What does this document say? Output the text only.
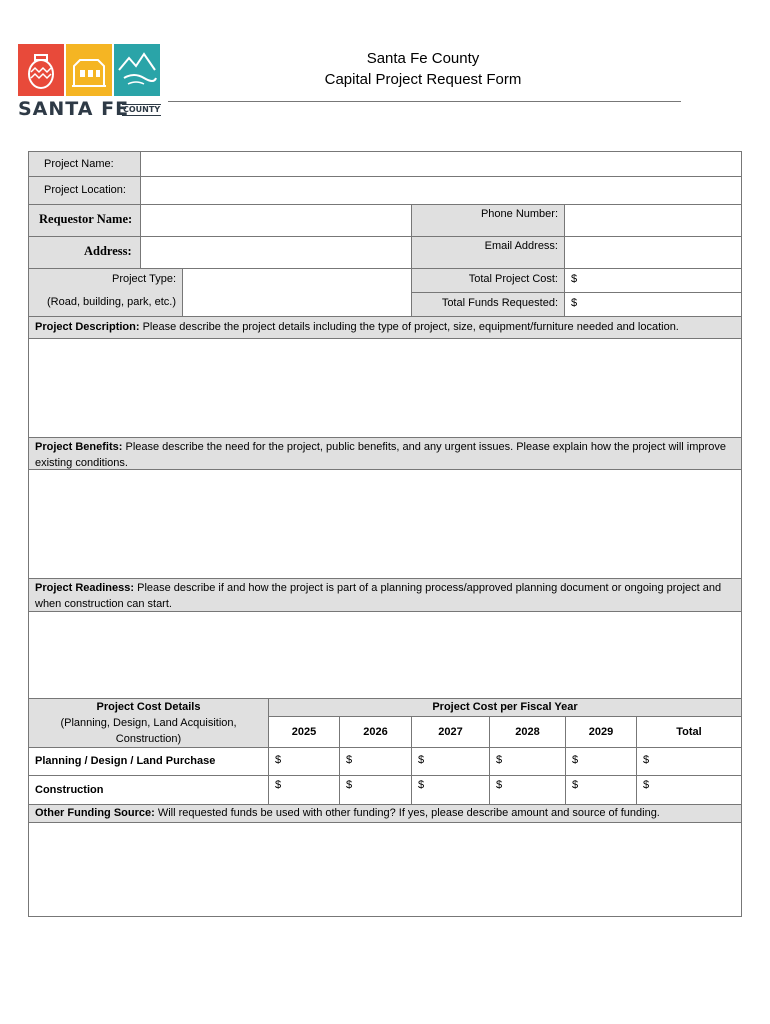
SANTA FE
COUNTY
Santa Fe County
Capital Project Request Form
Project Name:
Project Location:
Requestor Name:	Phone Number:
Address:	Email Address:
Project Type:
(Road, building, park, etc.)
Total Project Cost: $
Total Funds Requested: $
Project Description: Please describe the project details including the type of project, size, equipment/furniture needed and location.
Project Benefits: Please describe the need for the project, public benefits, and any urgent issues. Please explain how the project will improve existing conditions.
Project Readiness: Please describe if and how the project is part of a planning process/approved planning document or ongoing project and when construction can start.
Project Cost Details
(Planning, Design, Land Acquisition, Construction)
Project Cost per Fiscal Year
2025	2026	2027	2028	2029	Total
Planning / Design / Land Purchase	$	$	$	$	$	$
Construction	$	$	$	$	$	$
Other Funding Source: Will requested funds be used with other funding? If yes, please describe amount and source of funding.
